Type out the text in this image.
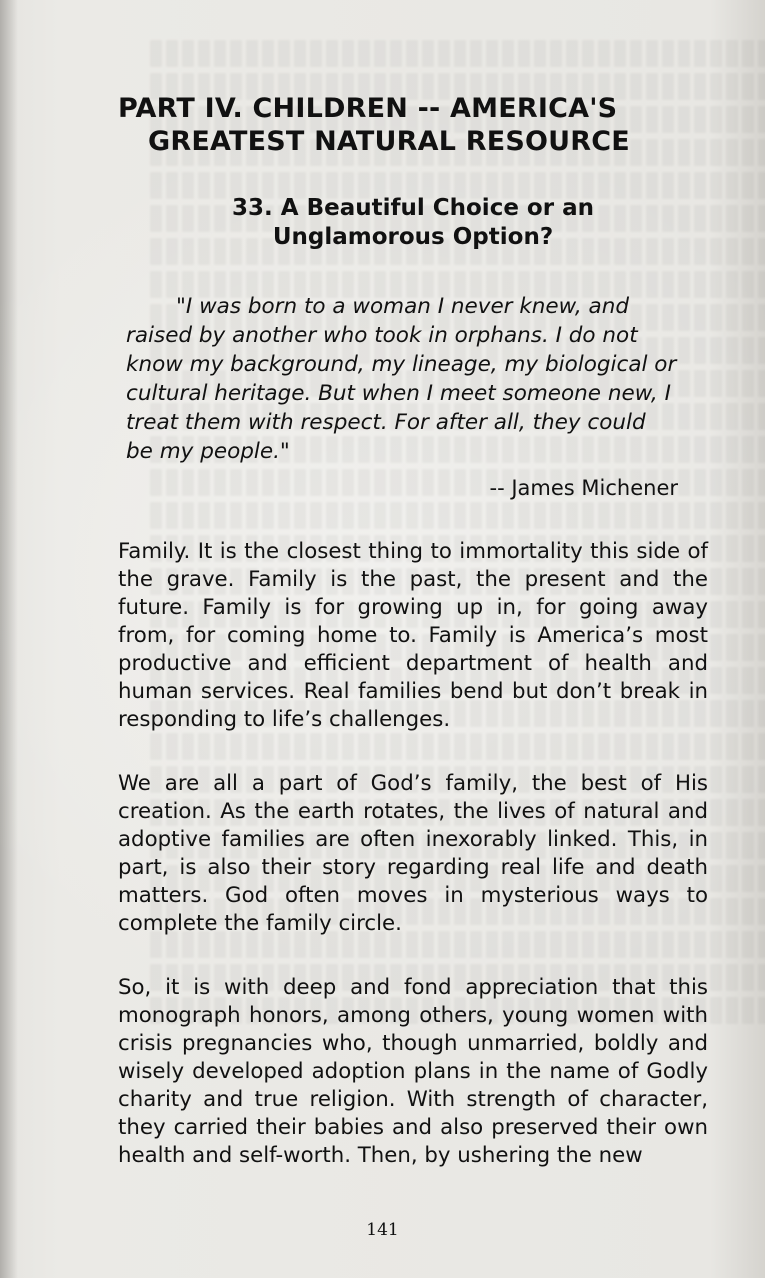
PART IV. CHILDREN -- AMERICA'S GREATEST NATURAL RESOURCE
33. A Beautiful Choice or an
Unglamorous Option?
"I was born to a woman I never knew, and raised by another who took in orphans. I do not know my background, my lineage, my biological or cultural heritage. But when I meet someone new, I treat them with respect. For after all, they could be my people."
-- James Michener

Family. It is the closest thing to immortality this side of the grave. Family is the past, the present and the future. Family is for growing up in, for going away from, for coming home to. Family is America’s most productive and efficient department of health and human services. Real families bend but don’t break in responding to life’s challenges.

We are all a part of God’s family, the best of His creation. As the earth rotates, the lives of natural and adoptive families are often inexorably linked. This, in part, is also their story regarding real life and death matters. God often moves in mysterious ways to complete the family circle.

So, it is with deep and fond appreciation that this monograph honors, among others, young women with crisis pregnancies who, though unmarried, boldly and wisely developed adoption plans in the name of Godly charity and true religion. With strength of character, they carried their babies and also preserved their own health and self-worth. Then, by ushering the new

141
